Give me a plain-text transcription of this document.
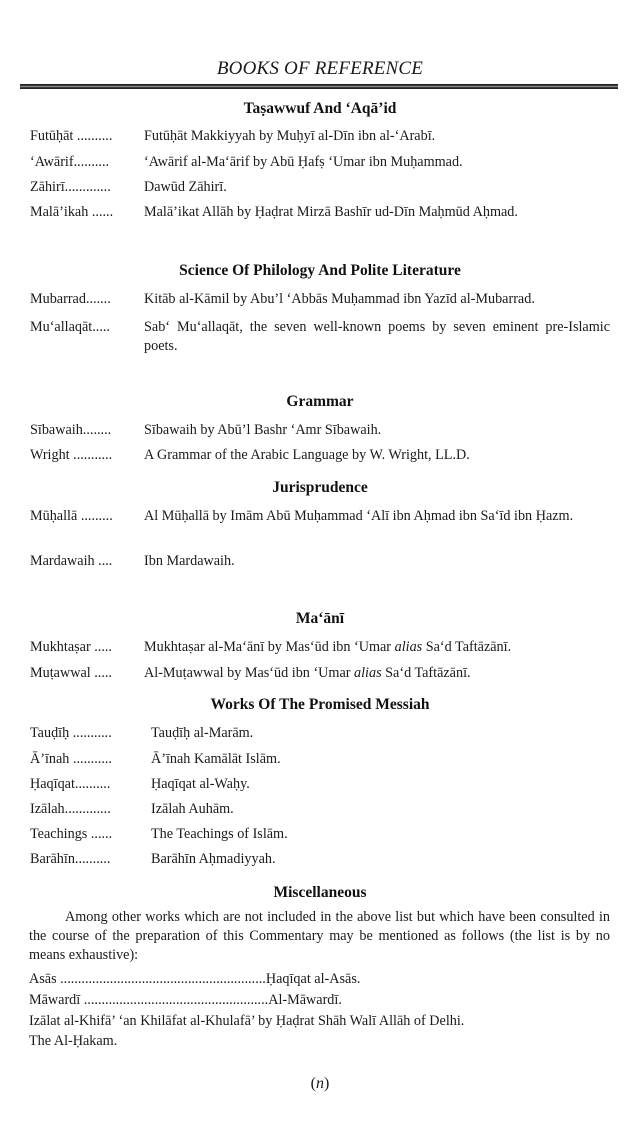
BOOKS OF REFERENCE
Taṣawwuf And ‘Aqā’id
Futūḥāt ..........	Futūḥāt Makkiyyah by Muḥyī al-Dīn ibn al-‘Arabī.
‘Awārif..........	‘Awārif al-Ma‘ārif by Abū Ḥafṣ ‘Umar ibn Muḥammad.
Zāhirī.............	Dawūd Zāhirī.
Malā’ikah ......	Malā’ikat Allāh by Ḥaḍrat Mirzā Bashīr ud-Dīn Maḥmūd Aḥmad.
Science Of Philology And Polite Literature
Mubarrad.......	Kitāb al-Kāmil by Abu’l ‘Abbās Muḥammad ibn Yazīd al-Mubarrad.
Mu‘allaqāt.....	Sab‘ Mu‘allaqāt, the seven well-known poems by seven eminent pre-Islamic poets.
Grammar
Sībawaih........	Sībawaih by Abū’l Bashr ‘Amr Sībawaih.
Wright ...........	A Grammar of the Arabic Language by W. Wright, LL.D.
Jurisprudence
Mūḥallā .........	Al Mūḥallā by Imām Abū Muḥammad ‘Alī ibn Aḥmad ibn Sa‘īd ibn Ḥazm.
Mardawaih ....	Ibn Mardawaih.
Ma‘ānī
Mukhtaṣar .....	Mukhtaṣar al-Ma‘ānī by Mas‘ūd ibn ‘Umar alias Sa‘d Taftāzānī.
Muṭawwal .....	Al-Muṭawwal by Mas‘ūd ibn ‘Umar alias Sa‘d Taftāzānī.
Works Of The Promised Messiah
Tauḍīḥ ...........	Tauḍīḥ al-Marām.
Ā’īnah ...........	Ā’īnah Kamālāt Islām.
Ḥaqīqat..........	Ḥaqīqat al-Waḥy.
Izālah.............	Izālah Auhām.
Teachings ......	The Teachings of Islām.
Barāhīn..........	Barāhīn Aḥmadiyyah.
Miscellaneous
Among other works which are not included in the above list but which have been consulted in the course of the preparation of this Commentary may be mentioned as follows (the list is by no means exhaustive):
Asās ..........................................................Ḥaqīqat al-Asās.
Māwardī ....................................................Al-Māwardī.
Izālat al-Khifā’ ‘an Khilāfat al-Khulafā’ by Ḥaḍrat Shāh Walī Allāh of Delhi.
The Al-Ḥakam.
(n)
